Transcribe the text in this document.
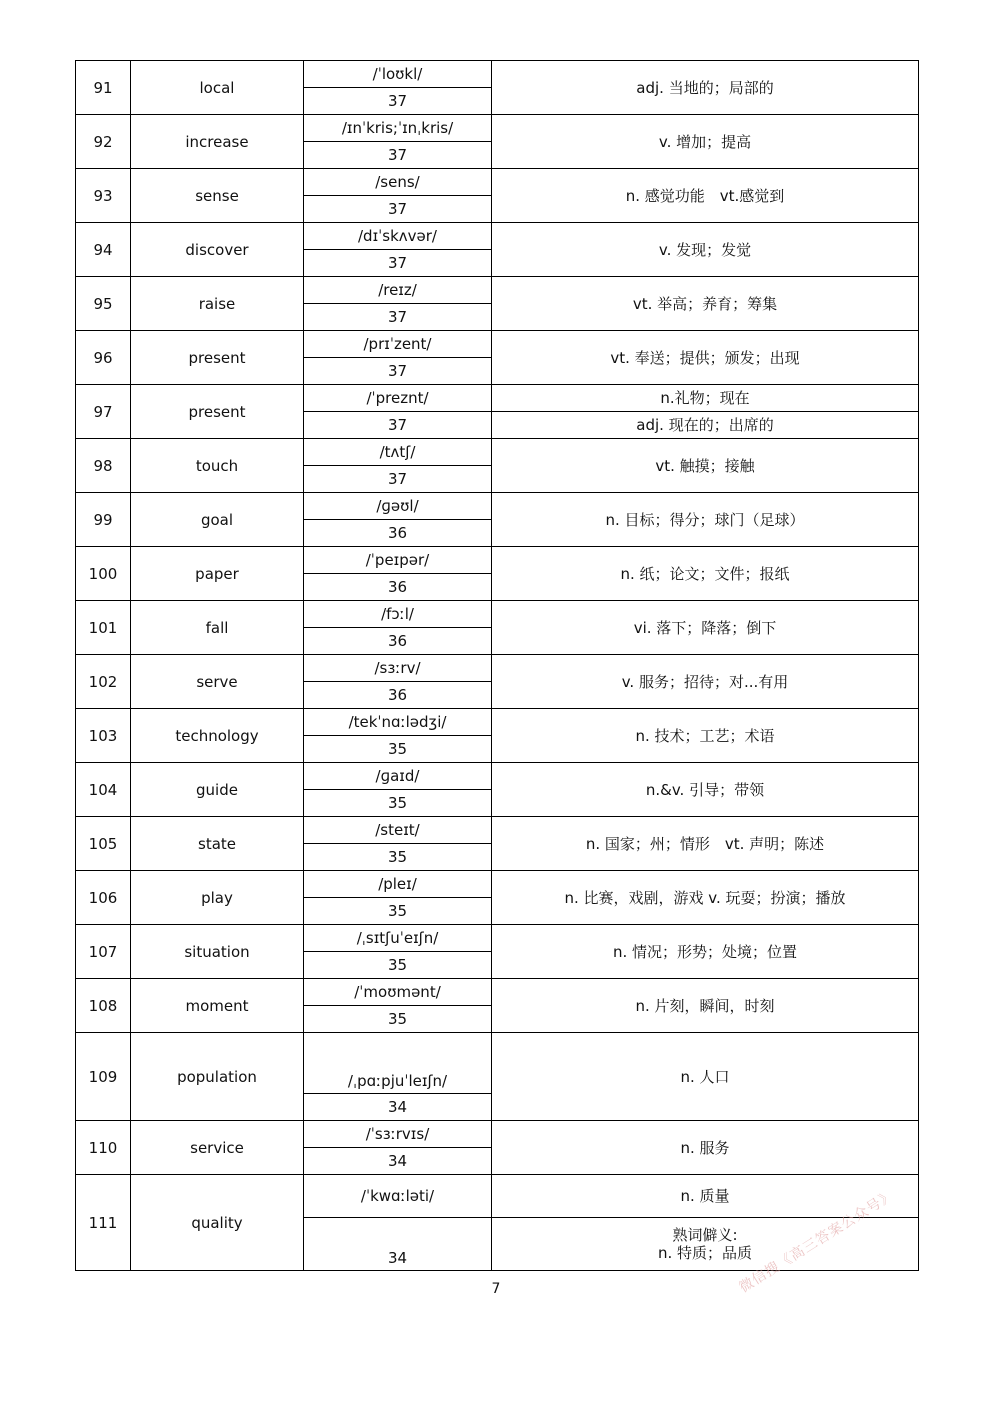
91	local	/ˈloʊkl/	adj. 当地的；局部的
		37	
92	increase	/ɪnˈkris;ˈɪnˌkris/	v. 增加；提高
		37	
93	sense	/sens/	n. 感觉功能　vt.感觉到
		37	
94	discover	/dɪˈskʌvər/	v. 发现；发觉
		37	
95	raise	/reɪz/	vt. 举高；养育；筹集
		37	
96	present	/prɪˈzent/	vt. 奉送；提供；颁发；出现
		37	
97	present	/ˈpreznt/	n.礼物；现在
		37	adj. 现在的；出席的
98	touch	/tʌtʃ/	vt. 触摸；接触
		37	
99	goal	/ɡəʊl/	n. 目标；得分；球门（足球）
		36	
100	paper	/ˈpeɪpər/	n. 纸；论文；文件；报纸
		36	
101	fall	/fɔːl/	vi. 落下；降落；倒下
		36	
102	serve	/sɜːrv/	v. 服务；招待；对...有用
		36	
103	technology	/tekˈnɑːlədʒi/	n. 技术；工艺；术语
		35	
104	guide	/ɡaɪd/	n.&v. 引导；带领
		35	
105	state	/steɪt/	n. 国家；州；情形　vt. 声明；陈述
		35	
106	play	/pleɪ/	n. 比赛，戏剧，游戏 v. 玩耍；扮演；播放
		35	
107	situation	/ˌsɪtʃuˈeɪʃn/	n. 情况；形势；处境；位置
		35	
108	moment	/ˈmoʊmənt/	n. 片刻，瞬间，时刻
		35	
109	population	/ˌpɑːpjuˈleɪʃn/	n. 人口
		34	
110	service	/ˈsɜːrvɪs/	n. 服务
		34	
111	quality	/ˈkwɑːləti/	n. 质量
		34	熟词僻义:
n. 特质；品质
7	微信搜《高三答案公众号》
